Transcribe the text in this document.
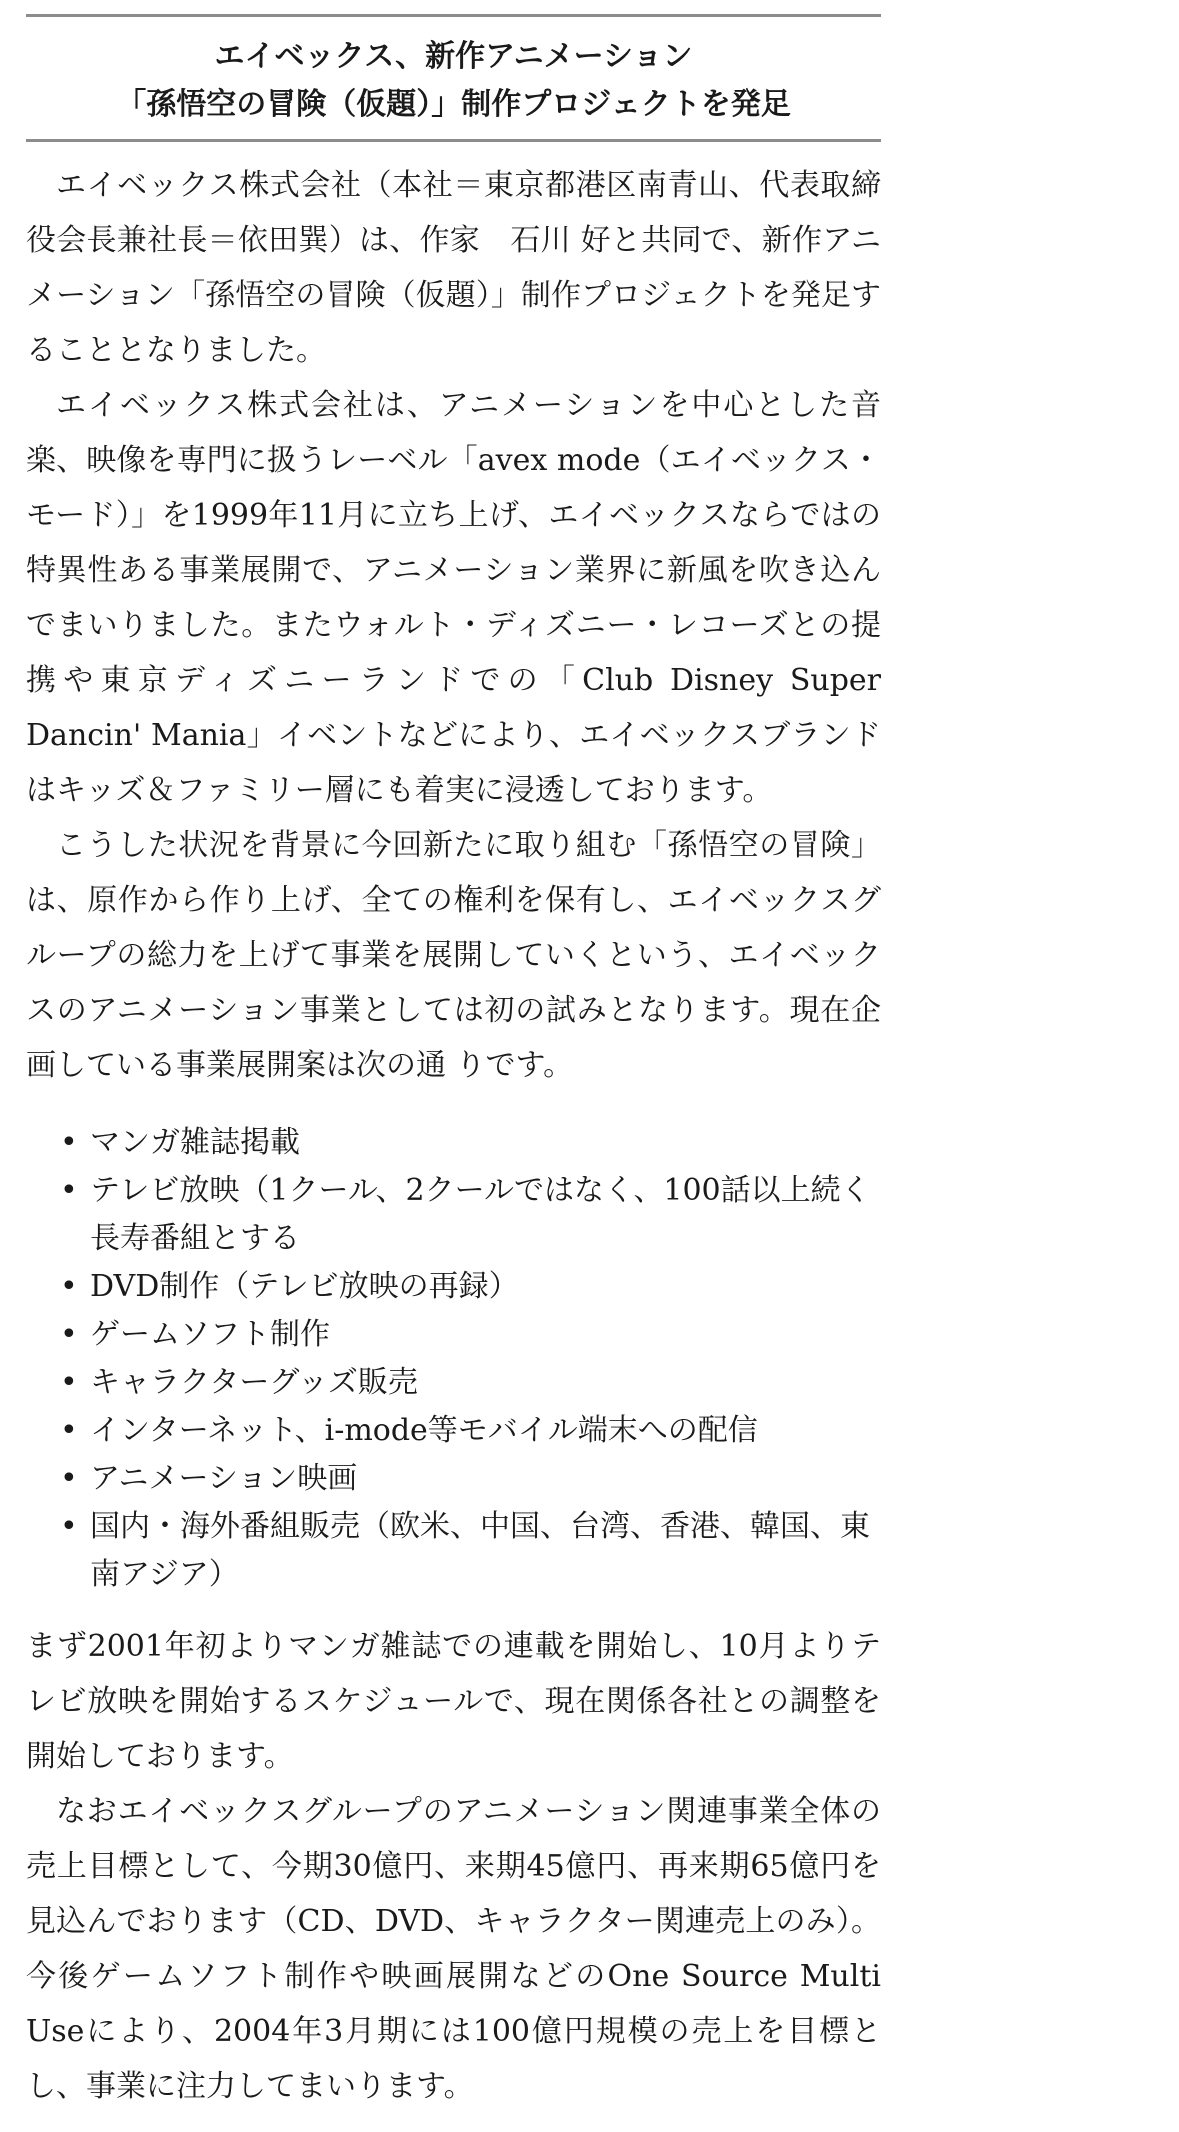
エイベックス、新作アニメーション
「孫悟空の冒険（仮題）」制作プロジェクトを発足

エイベックス株式会社（本社＝東京都港区南青山、代表取締役会長兼社長＝依田巽）は、作家　石川 好と共同で、新作アニメーション「孫悟空の冒険（仮題）」制作プロジェクトを発足することとなりました。

エイベックス株式会社は、アニメーションを中心とした音楽、映像を専門に扱うレーベル「avex mode（エイベックス・モード）」を1999年11月に立ち上げ、エイベックスならではの特異性ある事業展開で、アニメーション業界に新風を吹き込んでまいりました。またウォルト・ディズニー・レコーズとの提携や東京ディズニーランドでの「Club Disney Super Dancin' Mania」イベントなどにより、エイベックスブランドはキッズ＆ファミリー層にも着実に浸透しております。

こうした状況を背景に今回新たに取り組む「孫悟空の冒険」は、原作から作り上げ、全ての権利を保有し、エイベックスグループの総力を上げて事業を展開していくという、エイベックスのアニメーション事業としては初の試みとなります。現在企画している事業展開案は次の通 りです。

• マンガ雑誌掲載
• テレビ放映（1クール、2クールではなく、100話以上続く長寿番組とする
• DVD制作（テレビ放映の再録）
• ゲームソフト制作
• キャラクターグッズ販売
• インターネット、i-mode等モバイル端末への配信
• アニメーション映画
• 国内・海外番組販売（欧米、中国、台湾、香港、韓国、東南アジア）

まず2001年初よりマンガ雑誌での連載を開始し、10月よりテレビ放映を開始するスケジュールで、現在関係各社との調整を開始しております。

なおエイベックスグループのアニメーション関連事業全体の売上目標として、今期30億円、来期45億円、再来期65億円を見込んでおります（CD、DVD、キャラクター関連売上のみ）。今後ゲームソフト制作や映画展開などのOne Source Multi Useにより、2004年3月期には100億円規模の売上を目標とし、事業に注力してまいります。
